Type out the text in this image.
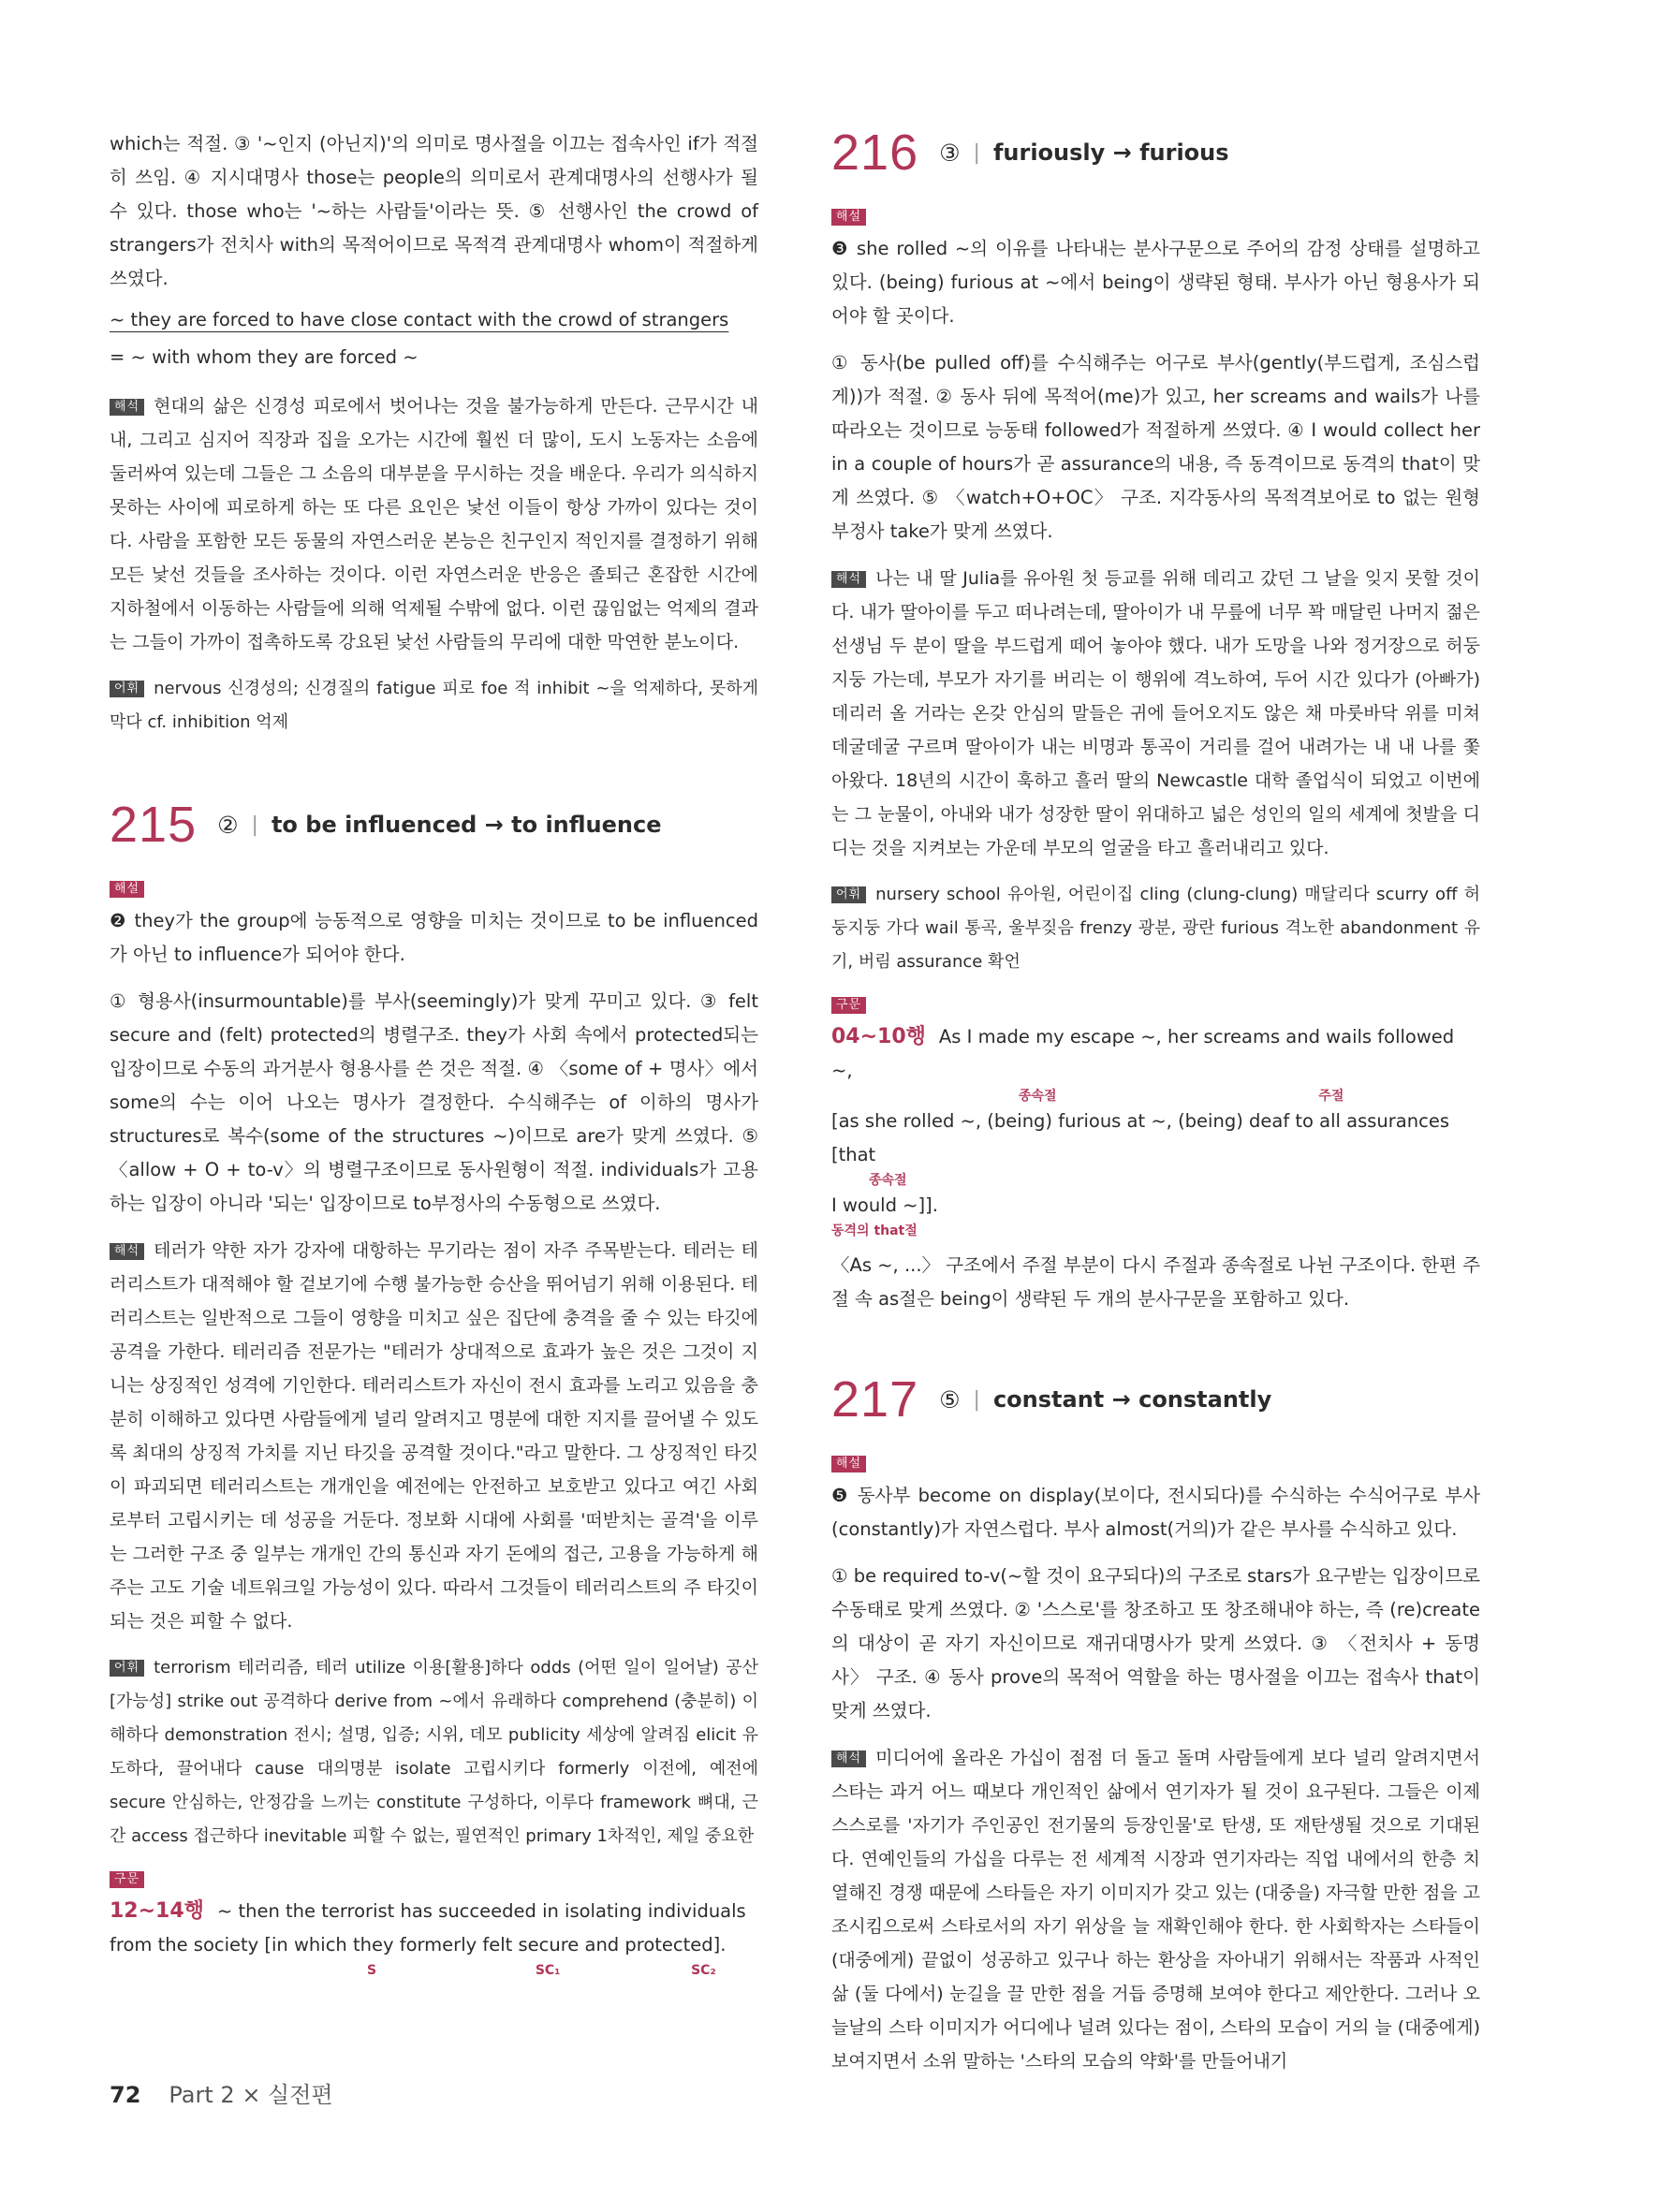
which는 적절. ③ '~인지 (아닌지)'의 의미로 명사절을 이끄는 접속사인 if가 적절히 쓰임. ④ 지시대명사 those는 people의 의미로서 관계대명사의 선행사가 될 수 있다. those who는 '~하는 사람들'이라는 뜻. ⑤ 선행사인 the crowd of strangers가 전치사 with의 목적어이므로 목적격 관계대명사 whom이 적절하게 쓰였다.

~ they are forced to have close contact with the crowd of strangers
= ~ with whom they are forced ~

해석 현대의 삶은 신경성 피로에서 벗어나는 것을 불가능하게 만든다. 근무시간 내내, 그리고 심지어 직장과 집을 오가는 시간에 훨씬 더 많이, 도시 노동자는 소음에 둘러싸여 있는데 그들은 그 소음의 대부분을 무시하는 것을 배운다. 우리가 의식하지 못하는 사이에 피로하게 하는 또 다른 요인은 낯선 이들이 항상 가까이 있다는 것이다. 사람을 포함한 모든 동물의 자연스러운 본능은 친구인지 적인지를 결정하기 위해 모든 낯선 것들을 조사하는 것이다. 이런 자연스러운 반응은 졸퇴근 혼잡한 시간에 지하철에서 이동하는 사람들에 의해 억제될 수밖에 없다. 이런 끊임없는 억제의 결과는 그들이 가까이 접촉하도록 강요된 낯선 사람들의 무리에 대한 막연한 분노이다.

어휘 nervous 신경성의; 신경질의 fatigue 피로 foe 적 inhibit ~을 억제하다, 못하게 막다 cf. inhibition 억제

215 ② | to be influenced → to influence
해설

❷ they가 the group에 능동적으로 영향을 미치는 것이므로 to be influenced가 아닌 to influence가 되어야 한다.

① 형용사(insurmountable)를 부사(seemingly)가 맞게 꾸미고 있다. ③ felt secure and (felt) protected의 병렬구조. they가 사회 속에서 protected되는 입장이므로 수동의 과거분사 형용사를 쓴 것은 적절. ④ 〈some of + 명사〉에서 some의 수는 이어 나오는 명사가 결정한다. 수식해주는 of 이하의 명사가 structures로 복수(some of the structures ~)이므로 are가 맞게 쓰였다. ⑤ 〈allow + O + to-v〉의 병렬구조이므로 동사원형이 적절. individuals가 고용하는 입장이 아니라 '되는' 입장이므로 to부정사의 수동형으로 쓰였다.

해석 테러가 약한 자가 강자에 대항하는 무기라는 점이 자주 주목받는다. 테러는 테러리스트가 대적해야 할 겉보기에 수행 불가능한 승산을 뛰어넘기 위해 이용된다. 테러리스트는 일반적으로 그들이 영향을 미치고 싶은 집단에 충격을 줄 수 있는 타깃에 공격을 가한다. 테러리즘 전문가는 "테러가 상대적으로 효과가 높은 것은 그것이 지니는 상징적인 성격에 기인한다. 테러리스트가 자신이 전시 효과를 노리고 있음을 충분히 이해하고 있다면 사람들에게 널리 알려지고 명분에 대한 지지를 끌어낼 수 있도록 최대의 상징적 가치를 지닌 타깃을 공격할 것이다."라고 말한다. 그 상징적인 타깃이 파괴되면 테러리스트는 개개인을 예전에는 안전하고 보호받고 있다고 여긴 사회로부터 고립시키는 데 성공을 거둔다. 정보화 시대에 사회를 '떠받치는 골격'을 이루는 그러한 구조 중 일부는 개개인 간의 통신과 자기 돈에의 접근, 고용을 가능하게 해주는 고도 기술 네트워크일 가능성이 있다. 따라서 그것들이 테러리스트의 주 타깃이 되는 것은 피할 수 없다.

어휘 terrorism 테러리즘, 테러 utilize 이용[활용]하다 odds (어떤 일이 일어날) 공산[가능성] strike out 공격하다 derive from ~에서 유래하다 comprehend (충분히) 이해하다 demonstration 전시; 설명, 입증; 시위, 데모 publicity 세상에 알려짐 elicit 유도하다, 끌어내다 cause 대의명분 isolate 고립시키다 formerly 이전에, 예전에 secure 안심하는, 안정감을 느끼는 constitute 구성하다, 이루다 framework 뼈대, 근간 access 접근하다 inevitable 피할 수 없는, 필연적인 primary 1차적인, 제일 중요한

구문
12~14행 ~ then the terrorist has succeeded in isolating individuals
from the society [in which they formerly felt secure and protected].
S	SC₁	SC₂
216 ③ | furiously → furious
해설

❸ she rolled ~의 이유를 나타내는 분사구문으로 주어의 감정 상태를 설명하고 있다. (being) furious at ~에서 being이 생략된 형태. 부사가 아닌 형용사가 되어야 할 곳이다.

① 동사(be pulled off)를 수식해주는 어구로 부사(gently(부드럽게, 조심스럽게))가 적절. ② 동사 뒤에 목적어(me)가 있고, her screams and wails가 나를 따라오는 것이므로 능동태 followed가 적절하게 쓰였다. ④ I would collect her in a couple of hours가 곧 assurance의 내용, 즉 동격이므로 동격의 that이 맞게 쓰였다. ⑤ 〈watch+O+OC〉 구조. 지각동사의 목적격보어로 to 없는 원형부정사 take가 맞게 쓰였다.

해석 나는 내 딸 Julia를 유아원 첫 등교를 위해 데리고 갔던 그 날을 잊지 못할 것이다. 내가 딸아이를 두고 떠나려는데, 딸아이가 내 무릎에 너무 꽉 매달린 나머지 젊은 선생님 두 분이 딸을 부드럽게 떼어 놓아야 했다. 내가 도망을 나와 정거장으로 허둥지둥 가는데, 부모가 자기를 버리는 이 행위에 격노하여, 두어 시간 있다가 (아빠가) 데리러 올 거라는 온갖 안심의 말들은 귀에 들어오지도 않은 채 마룻바닥 위를 미쳐 데굴데굴 구르며 딸아이가 내는 비명과 통곡이 거리를 걸어 내려가는 내 내 나를 쫓아왔다. 18년의 시간이 훅하고 흘러 딸의 Newcastle 대학 졸업식이 되었고 이번에는 그 눈물이, 아내와 내가 성장한 딸이 위대하고 넓은 성인의 일의 세계에 첫발을 디디는 것을 지켜보는 가운데 부모의 얼굴을 타고 흘러내리고 있다.

어휘 nursery school 유아원, 어린이집 cling (clung-clung) 매달리다 scurry off 허둥지둥 가다 wail 통곡, 울부짖음 frenzy 광분, 광란 furious 격노한 abandonment 유기, 버림 assurance 확언

구문
04~10행 As I made my escape ~, her screams and wails followed ~,
종속절	주절
[as she rolled ~, (being) furious at ~, (being) deaf to all assurances [that
종속절
I would ~]].
동격의 that절

〈As ~, ...〉 구조에서 주절 부분이 다시 주절과 종속절로 나뉜 구조이다. 한편 주절 속 as절은 being이 생략된 두 개의 분사구문을 포함하고 있다.

217 ⑤ | constant → constantly
해설

❺ 동사부 become on display(보이다, 전시되다)를 수식하는 수식어구로 부사(constantly)가 자연스럽다. 부사 almost(거의)가 같은 부사를 수식하고 있다.

① be required to-v(~할 것이 요구되다)의 구조로 stars가 요구받는 입장이므로 수동태로 맞게 쓰였다. ② '스스로'를 창조하고 또 창조해내야 하는, 즉 (re)create의 대상이 곧 자기 자신이므로 재귀대명사가 맞게 쓰였다. ③ 〈전치사 + 동명사〉 구조. ④ 동사 prove의 목적어 역할을 하는 명사절을 이끄는 접속사 that이 맞게 쓰였다.

해석 미디어에 올라온 가십이 점점 더 돌고 돌며 사람들에게 보다 널리 알려지면서 스타는 과거 어느 때보다 개인적인 삶에서 연기자가 될 것이 요구된다. 그들은 이제 스스로를 '자기가 주인공인 전기물의 등장인물'로 탄생, 또 재탄생될 것으로 기대된다. 연예인들의 가십을 다루는 전 세계적 시장과 연기자라는 직업 내에서의 한층 치열해진 경쟁 때문에 스타들은 자기 이미지가 갖고 있는 (대중을) 자극할 만한 점을 고조시킴으로써 스타로서의 자기 위상을 늘 재확인해야 한다. 한 사회학자는 스타들이 (대중에게) 끝없이 성공하고 있구나 하는 환상을 자아내기 위해서는 작품과 사적인 삶 (둘 다에서) 눈길을 끌 만한 점을 거듭 증명해 보여야 한다고 제안한다. 그러나 오늘날의 스타 이미지가 어디에나 널려 있다는 점이, 스타의 모습이 거의 늘 (대중에게) 보여지면서 소위 말하는 '스타의 모습의 약화'를 만들어내기

72 Part 2 × 실전편
